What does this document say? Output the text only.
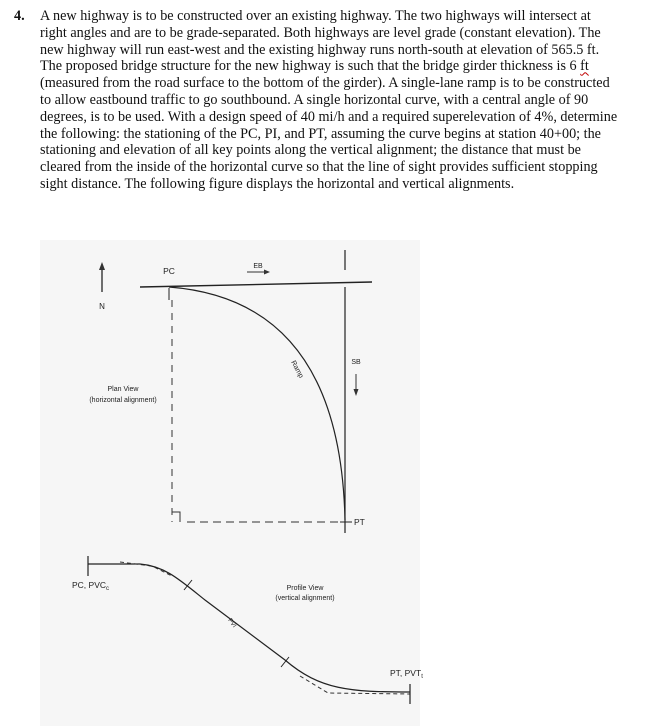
4. A new highway is to be constructed over an existing highway. The two highways will intersect at right angles and are to be grade-separated. Both highways are level grade (constant elevation). The new highway will run east-west and the existing highway runs north-south at elevation of 565.5 ft. The proposed bridge structure for the new highway is such that the bridge girder thickness is 6 ft (measured from the road surface to the bottom of the girder). A single-lane ramp is to be constructed to allow eastbound traffic to go southbound. A single horizontal curve, with a central angle of 90 degrees, is to be used. With a design speed of 40 mi/h and a required superelevation of 4%, determine the following: the stationing of the PC, PI, and PT, assuming the curve begins at station 40+00; the stationing and elevation of all key points along the vertical alignment; the distance that must be cleared from the inside of the horizontal curve so that the line of sight provides sufficient stopping sight distance. The following figure displays the horizontal and vertical alignments.
N
EB
SB
PC
Ramp
Plan View
(horizontal alignment)
PT
PVI
PC, $PVC_c$	Profile View
(vertical alignment)
PT, $PVT_t$
